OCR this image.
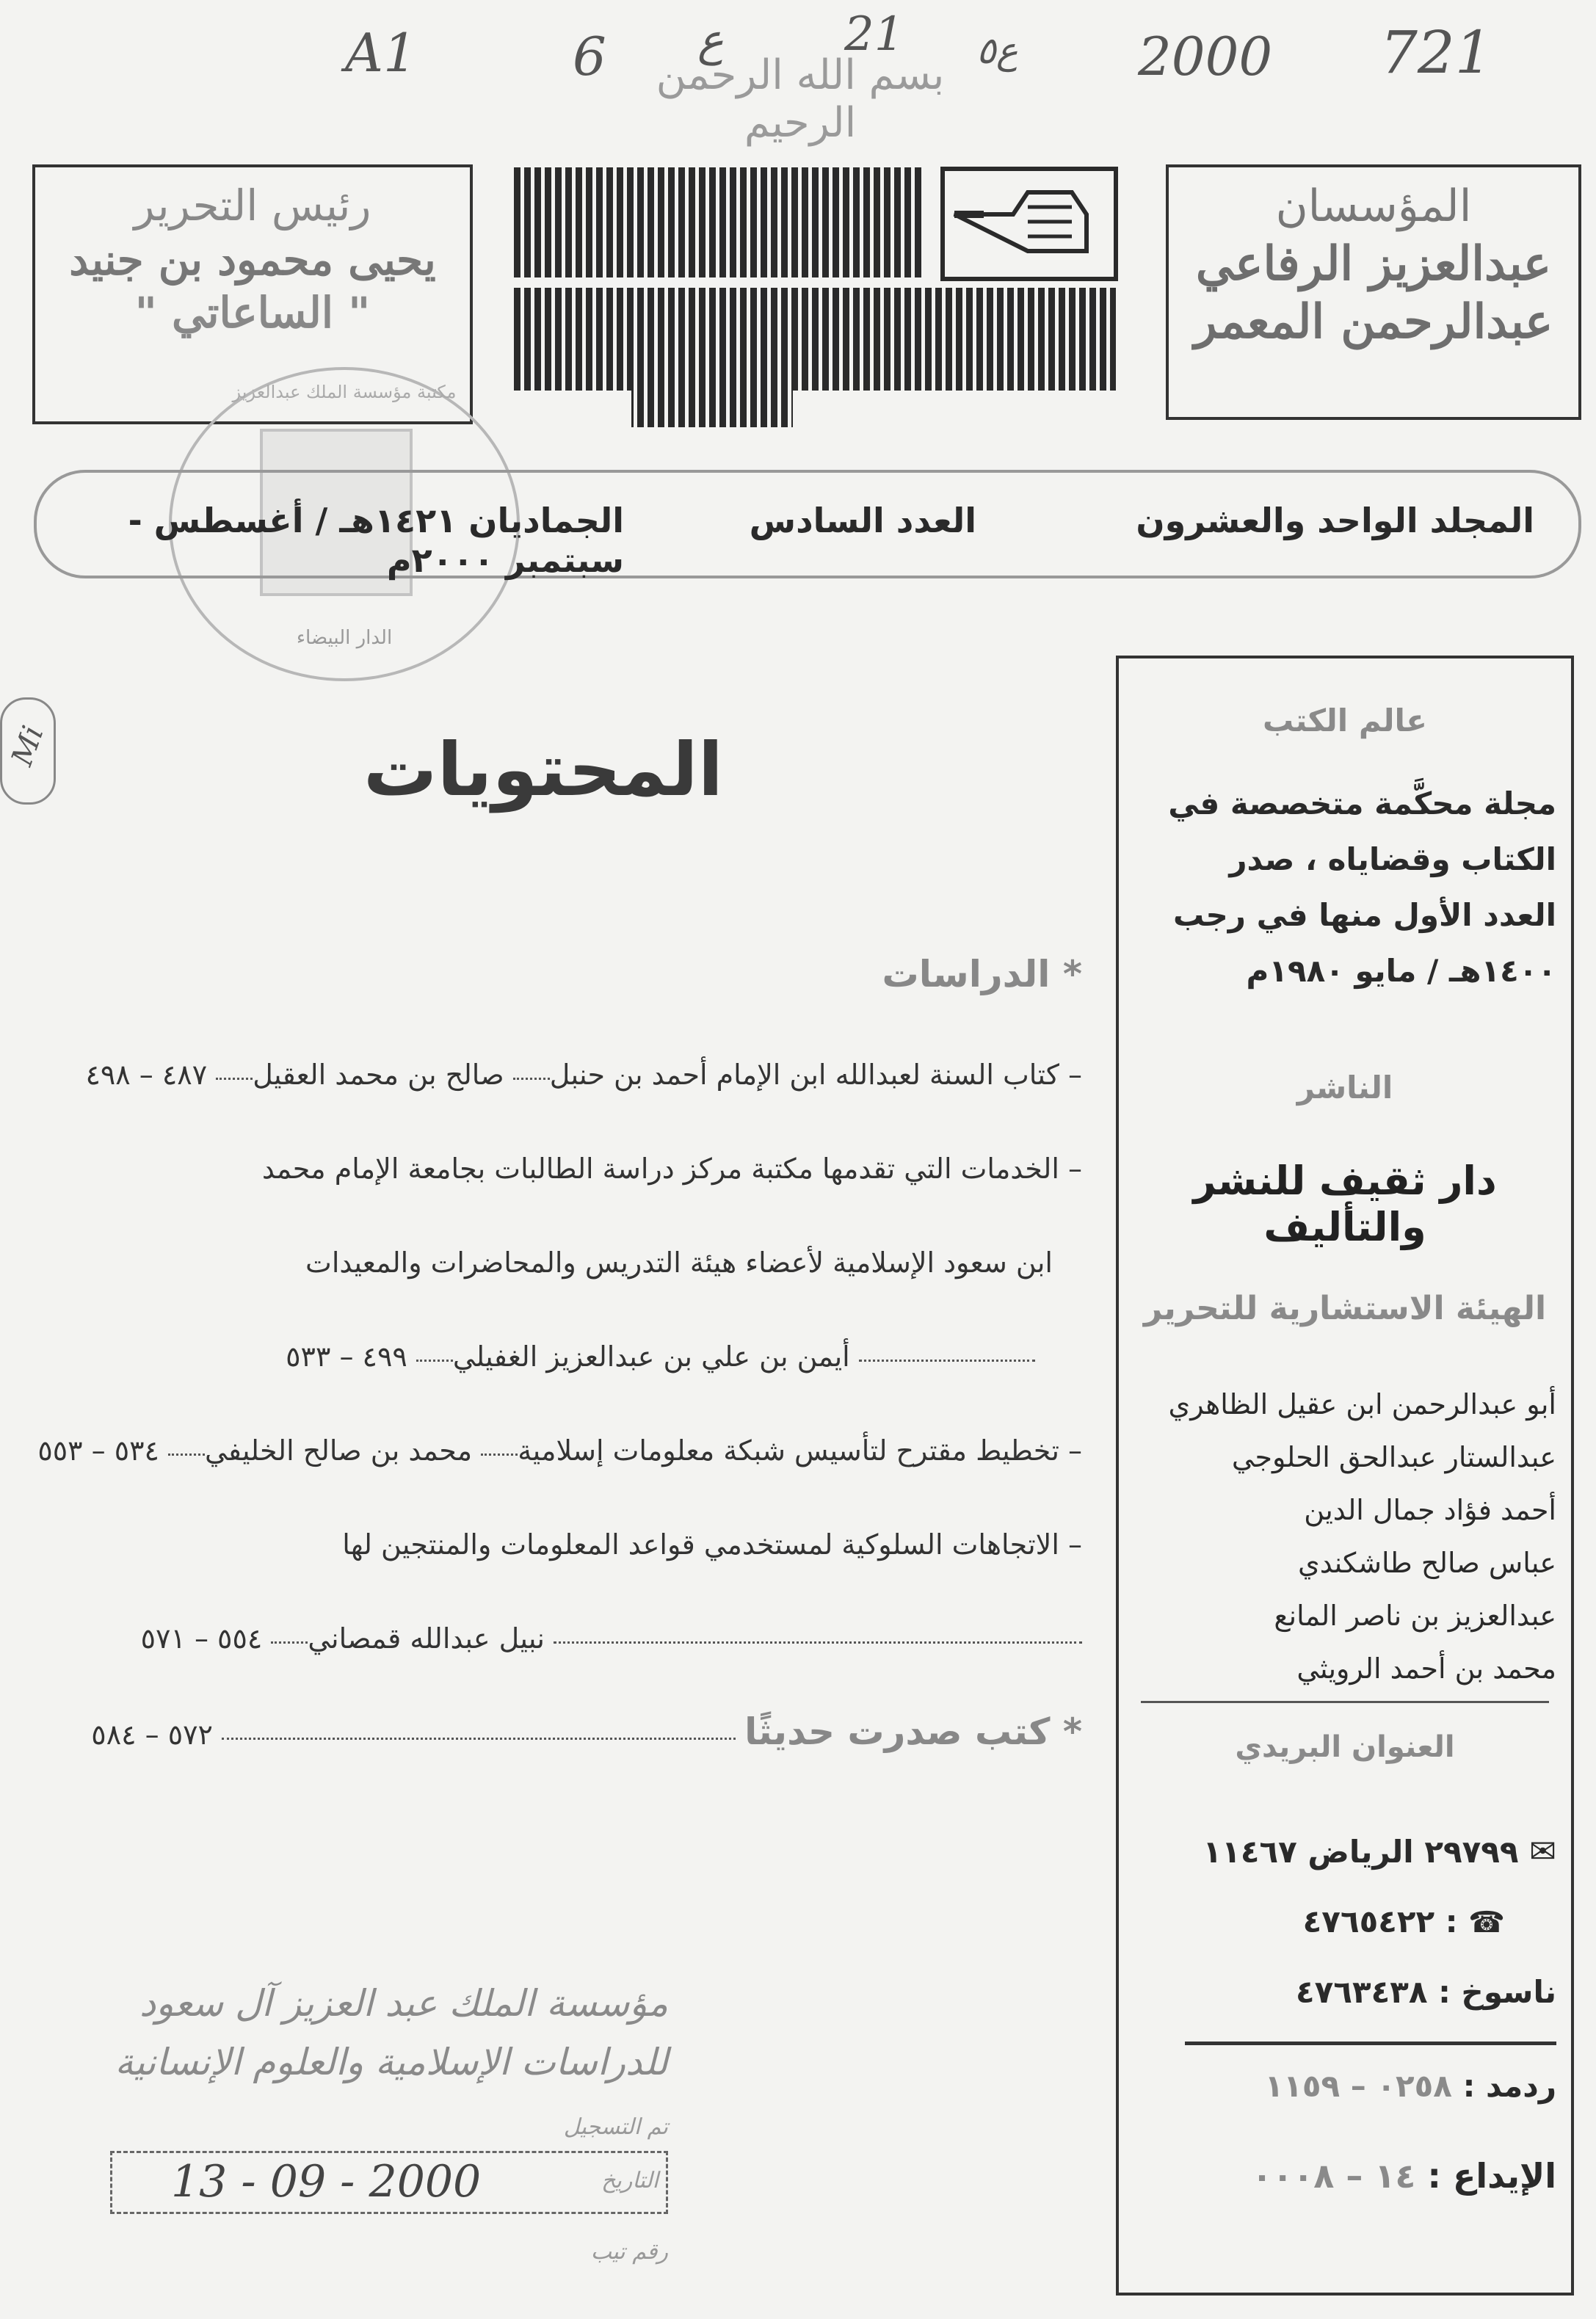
A1	6 ع	21 ع٥ 2000 721
بسم الله الرحمن الرحيم
المؤسسان
عبدالعزيز الرفاعي
عبدالرحمن المعمر
رئيس التحرير
يحيى محمود بن جنيد
" الساعاتي "
مكتبة مؤسسة الملك عبدالعزيز
الدار البيضاء
المجلد الواحد والعشرون
العدد السادس
الجماديان ١٤٢١هـ / أغسطس - سبتمبر ٢٠٠٠م
Mi	المحتويات
* الدراسات
– كتاب السنة لعبدالله ابن الإمام أحمد بن حنبل صالح بن محمد العقيل ٤٨٧ – ٤٩٨
– الخدمات التي تقدمها مكتبة مركز دراسة الطالبات بجامعة الإمام محمد
ابن سعود الإسلامية لأعضاء هيئة التدريس والمحاضرات والمعيدات
أيمن بن علي بن عبدالعزيز الغفيلي ٤٩٩ – ٥٣٣
– تخطيط مقترح لتأسيس شبكة معلومات إسلامية محمد بن صالح الخليفي ٥٣٤ – ٥٥٣
– الاتجاهات السلوكية لمستخدمي قواعد المعلومات والمنتجين لها
نبيل عبدالله قمصاني ٥٥٤ – ٥٧١
* كتب صدرت حديثًا  ٥٧٢ – ٥٨٤
عالم الكتب
مجلة محكَّمة متخصصة في
الكتاب وقضاياه ، صدر
العدد الأول منها في رجب
١٤٠٠هـ / مايو ١٩٨٠م
الناشر
دار ثقيف للنشر والتأليف
الهيئة الاستشارية للتحرير
أبو عبدالرحمن ابن عقيل الظاهري
عبدالستار عبدالحق الحلوجي
أحمد فؤاد جمال الدين
عباس صالح طاشكندي
عبدالعزيز بن ناصر المانع
محمد بن أحمد الرويثي
العنوان البريدي
✉ ٢٩٧٩٩ الرياض ١١٤٦٧
☎ : ٤٧٦٥٤٢٢
ناسوخ : ٤٧٦٣٤٣٨
ردمد : ٠٢٥٨ – ١١٥٩
الإيداع : ١٤ – ٠٠٠٨
مؤسسة الملك عبد العزيز آل سعود
للدراسات الإسلامية والعلوم الإنسانية
تم التسجيل
التاريخ
13 - 09 - 2000
رقم تيب
